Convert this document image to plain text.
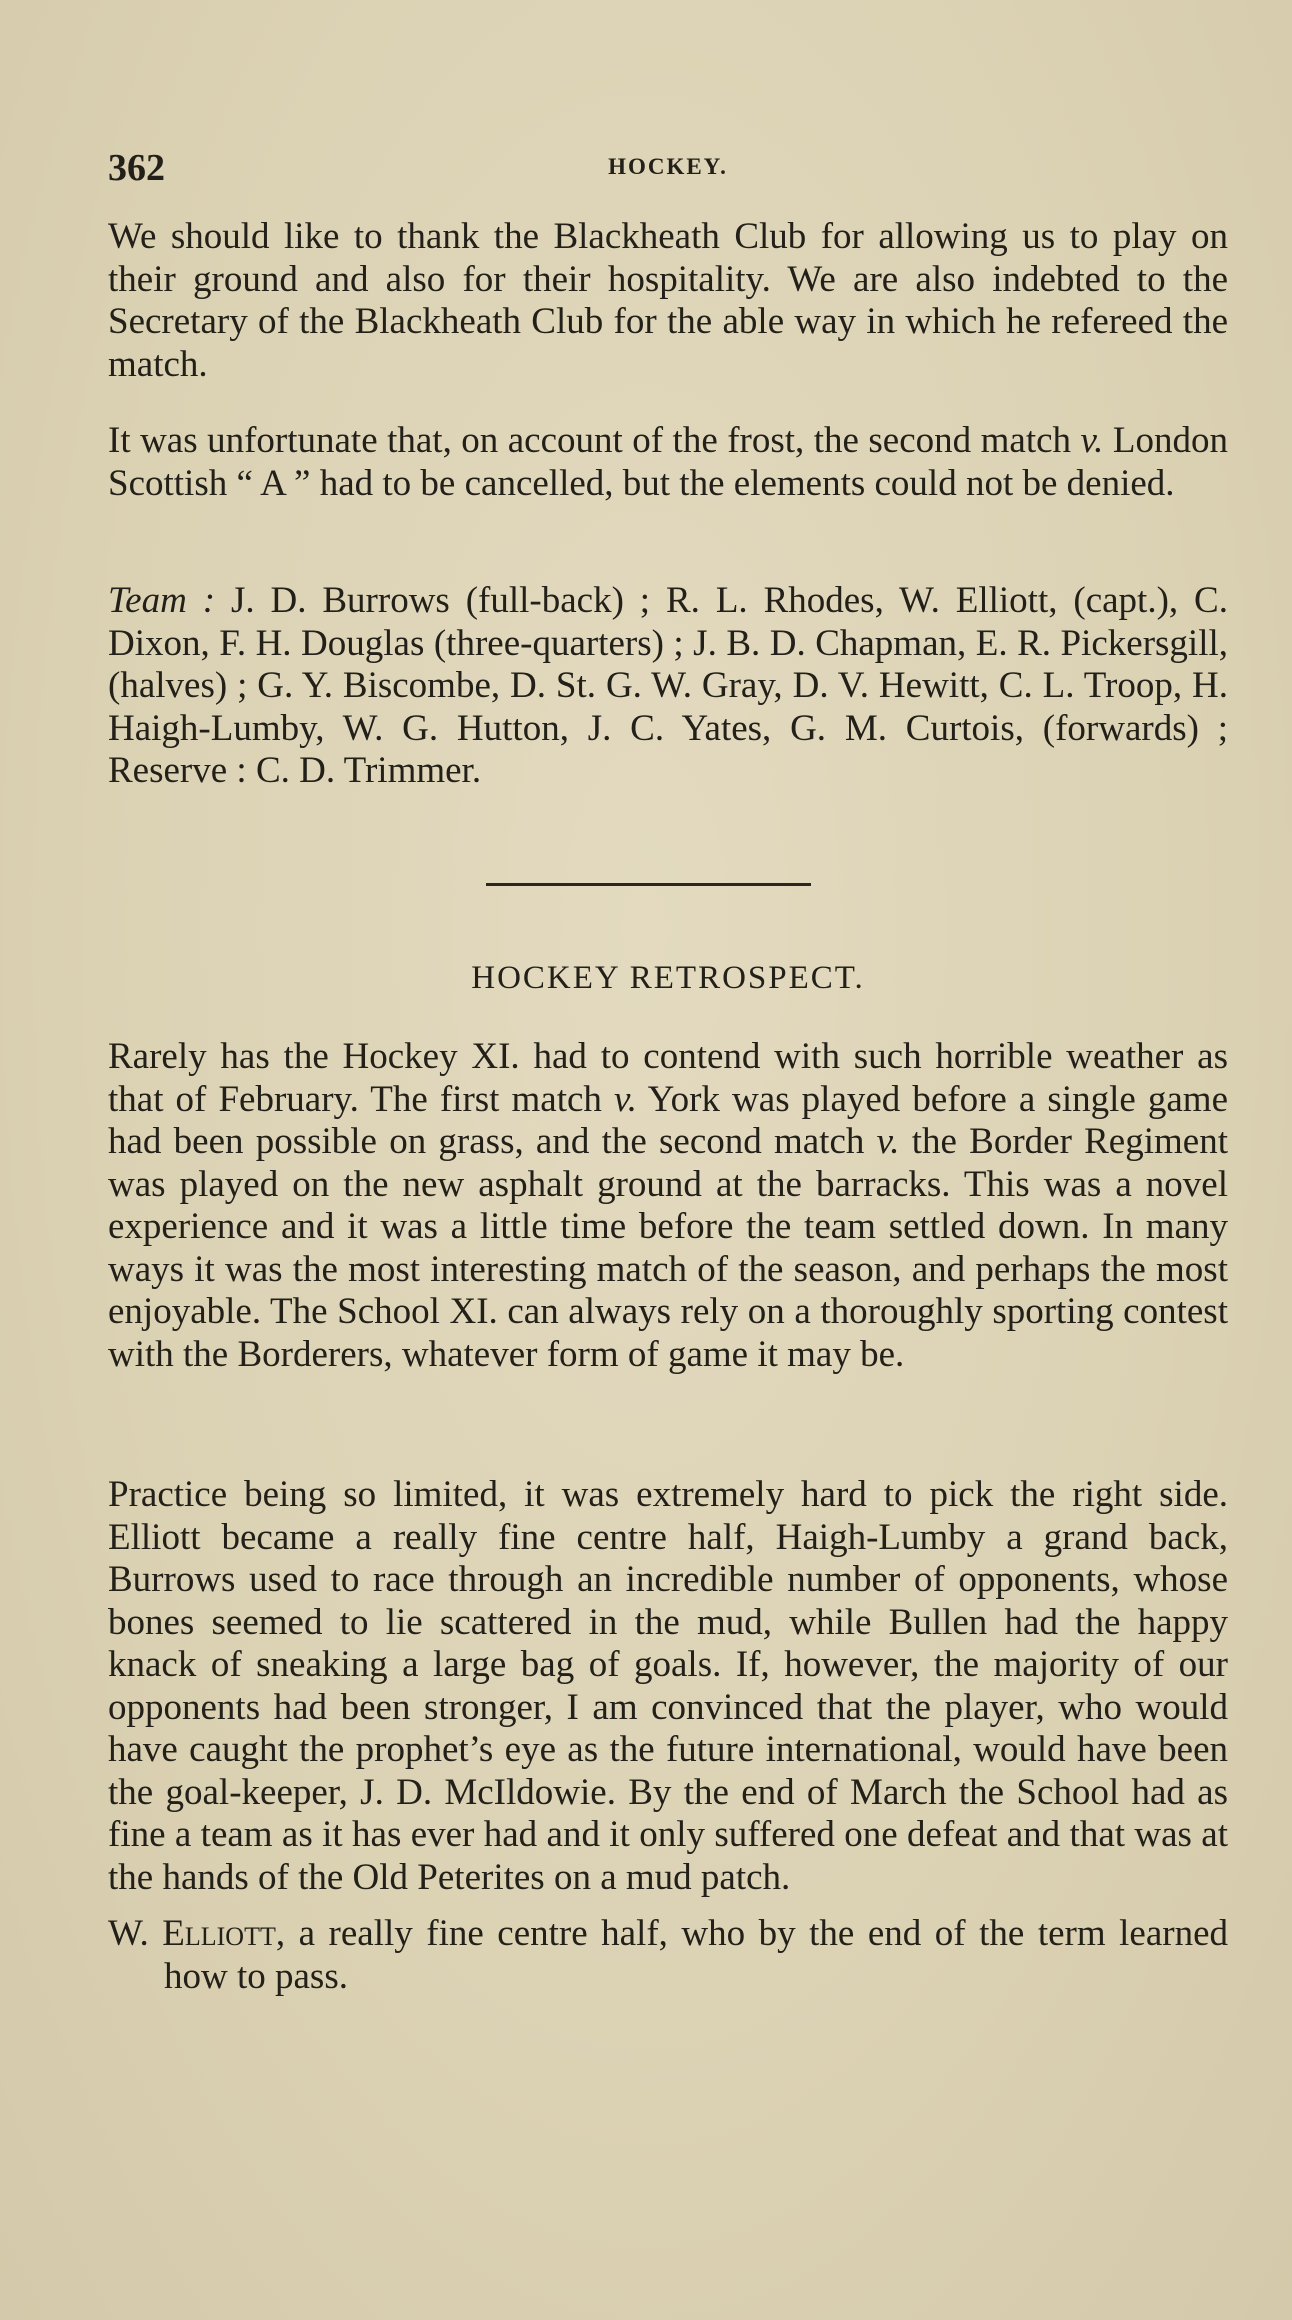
362	HOCKEY.

We should like to thank the Blackheath Club for allowing us to play on their ground and also for their hospitality. We are also indebted to the Secretary of the Blackheath Club for the able way in which he refereed the match.

It was unfortunate that, on account of the frost, the second match v. London Scottish “ A ” had to be cancelled, but the elements could not be denied.

Team : J. D. Burrows (full-back) ; R. L. Rhodes, W. Elliott, (capt.), C. Dixon, F. H. Douglas (three-quarters) ; J. B. D. Chapman, E. R. Pickersgill, (halves) ; G. Y. Biscombe, D. St. G. W. Gray, D. V. Hewitt, C. L. Troop, H. Haigh-Lumby, W. G. Hutton, J. C. Yates, G. M. Curtois, (forwards) ; Reserve : C. D. Trimmer.

HOCKEY RETROSPECT.

Rarely has the Hockey XI. had to contend with such horrible weather as that of February. The first match v. York was played before a single game had been possible on grass, and the second match v. the Border Regiment was played on the new asphalt ground at the barracks. This was a novel experience and it was a little time before the team settled down. In many ways it was the most interesting match of the season, and perhaps the most enjoyable. The School XI. can always rely on a thoroughly sporting contest with the Borderers, whatever form of game it may be.

Practice being so limited, it was extremely hard to pick the right side. Elliott became a really fine centre half, Haigh-Lumby a grand back, Burrows used to race through an incredible number of opponents, whose bones seemed to lie scattered in the mud, while Bullen had the happy knack of sneaking a large bag of goals. If, however, the majority of our opponents had been stronger, I am convinced that the player, who would have caught the prophet’s eye as the future international, would have been the goal-keeper, J. D. McIldowie. By the end of March the School had as fine a team as it has ever had and it only suffered one defeat and that was at the hands of the Old Peterites on a mud patch.

W. Elliott, a really fine centre half, who by the end of the term learned how to pass.
